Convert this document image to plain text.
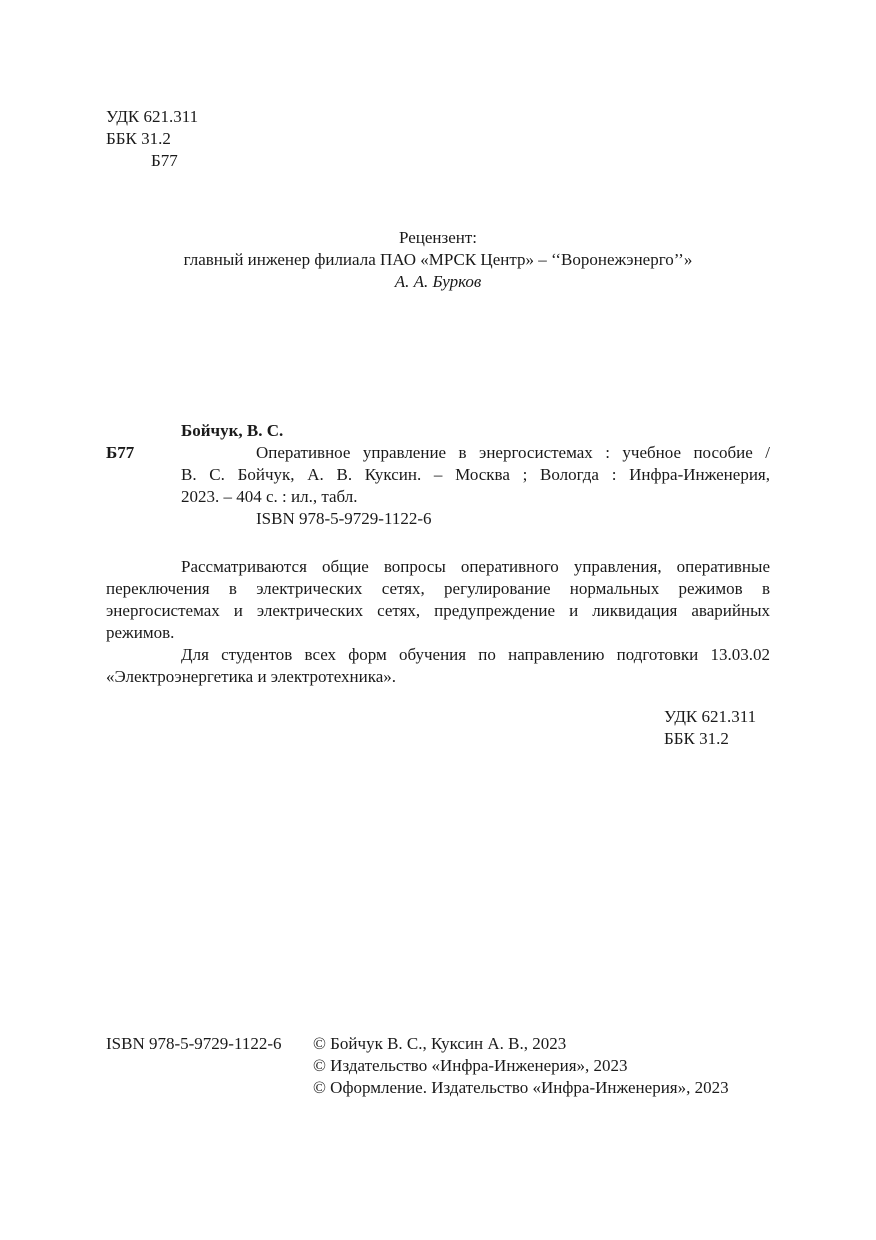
УДК 621.311
ББК 31.2
Б77
Рецензент:
главный инженер филиала ПАО «МРСК Центр» – ‘‘Воронежэнерго’’»
А. А. Бурков
Бойчук, В. С.
Б77	Оперативное управление в энергосистемах : учебное пособие /
В. С. Бойчук, А. В. Куксин. – Москва ; Вологда : Инфра-Инженерия,
2023. – 404 с. : ил., табл.
ISBN 978-5-9729-1122-6

Рассматриваются общие вопросы оперативного управления, оперативные переключения в электрических сетях, регулирование нормальных режимов в энергосистемах и электрических сетях, предупреждение и ликвидация аварийных режимов.

Для студентов всех форм обучения по направлению подготовки 13.03.02 «Электроэнергетика и электротехника».

УДК 621.311
ББК 31.2
ISBN 978-5-9729-1122-6 © Бойчук В. С., Куксин А. В., 2023
© Издательство «Инфра-Инженерия», 2023
© Оформление. Издательство «Инфра-Инженерия», 2023
